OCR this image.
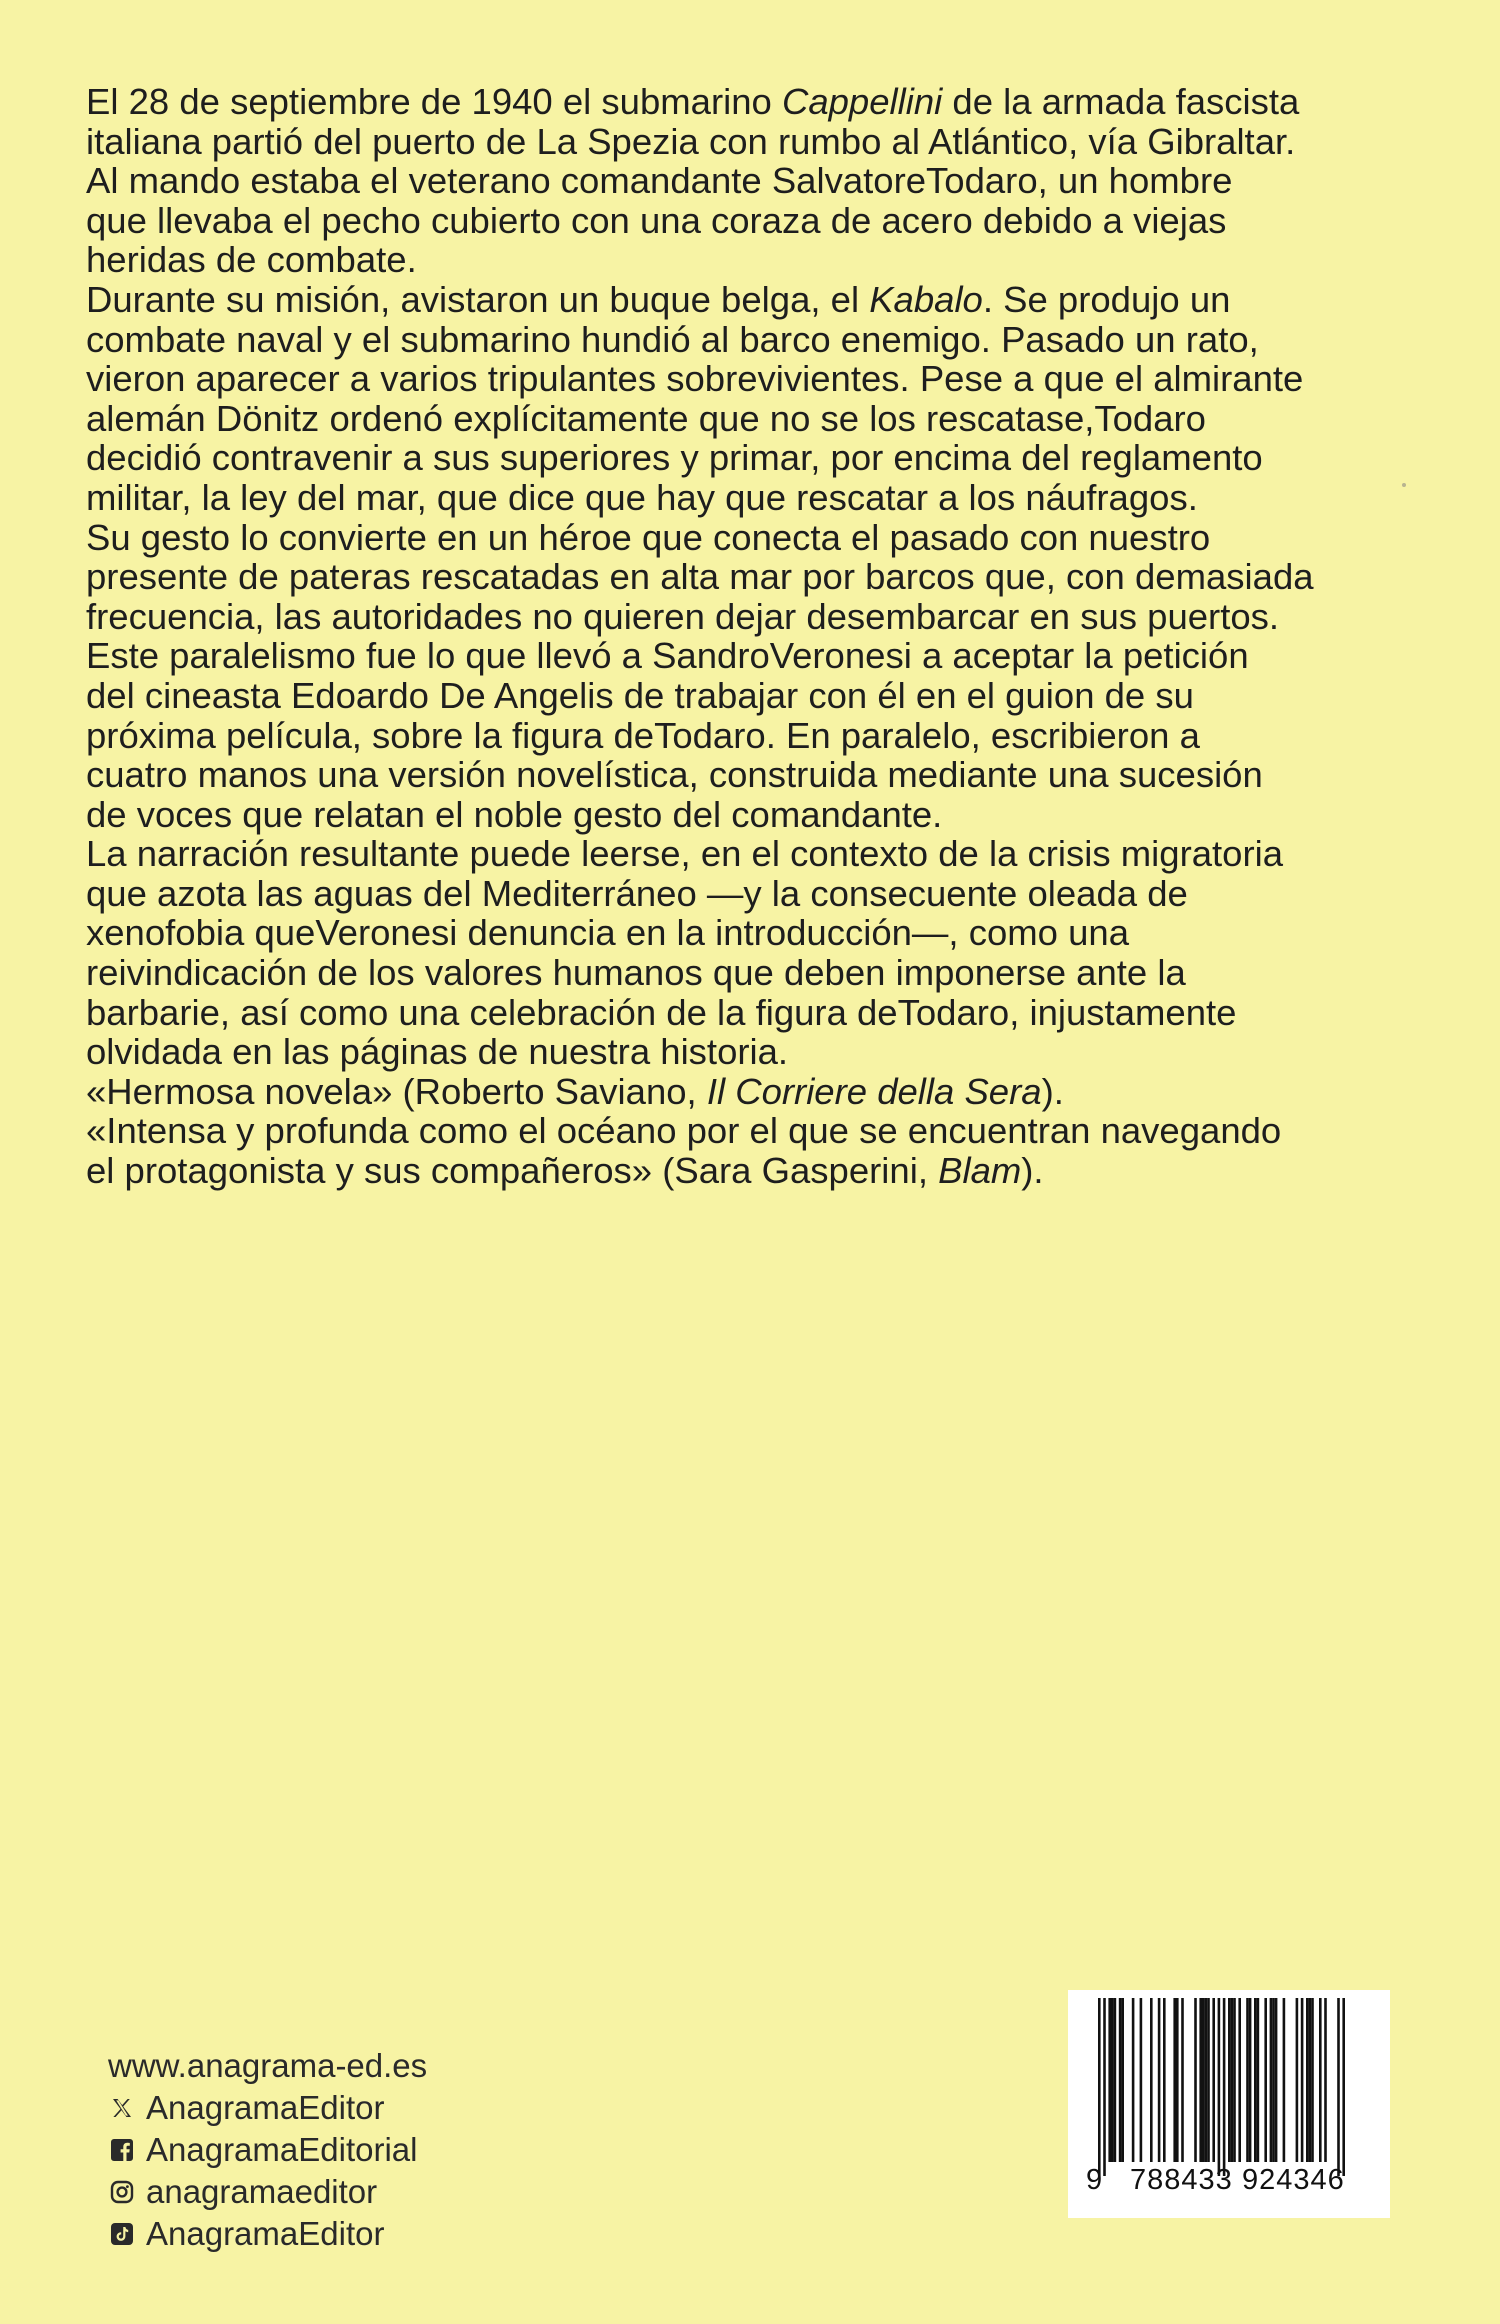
El 28 de septiembre de 1940 el submarino Cappellini de la armada fascista
italiana partió del puerto de La Spezia con rumbo al Atlántico, vía Gibraltar.
Al mando estaba el veterano comandante SalvatoreTodaro, un hombre
que llevaba el pecho cubierto con una coraza de acero debido a viejas
heridas de combate.
Durante su misión, avistaron un buque belga, el Kabalo. Se produjo un
combate naval y el submarino hundió al barco enemigo. Pasado un rato,
vieron aparecer a varios tripulantes sobrevivientes. Pese a que el almirante
alemán Dönitz ordenó explícitamente que no se los rescatase,Todaro
decidió contravenir a sus superiores y primar, por encima del reglamento
militar, la ley del mar, que dice que hay que rescatar a los náufragos.
Su gesto lo convierte en un héroe que conecta el pasado con nuestro
presente de pateras rescatadas en alta mar por barcos que, con demasiada
frecuencia, las autoridades no quieren dejar desembarcar en sus puertos.
Este paralelismo fue lo que llevó a SandroVeronesi a aceptar la petición
del cineasta Edoardo De Angelis de trabajar con él en el guion de su
próxima película, sobre la figura deTodaro. En paralelo, escribieron a
cuatro manos una versión novelística, construida mediante una sucesión
de voces que relatan el noble gesto del comandante.
La narración resultante puede leerse, en el contexto de la crisis migratoria
que azota las aguas del Mediterráneo —y la consecuente oleada de
xenofobia queVeronesi denuncia en la introducción—, como una
reivindicación de los valores humanos que deben imponerse ante la
barbarie, así como una celebración de la figura deTodaro, injustamente
olvidada en las páginas de nuestra historia.
«Hermosa novela» (Roberto Saviano, Il Corriere della Sera).
«Intensa y profunda como el océano por el que se encuentran navegando
el protagonista y sus compañeros» (Sara Gasperini, Blam).
www.anagrama-ed.es
AnagramaEditor
AnagramaEditorial
anagramaeditor
AnagramaEditor
9 788433 924346
